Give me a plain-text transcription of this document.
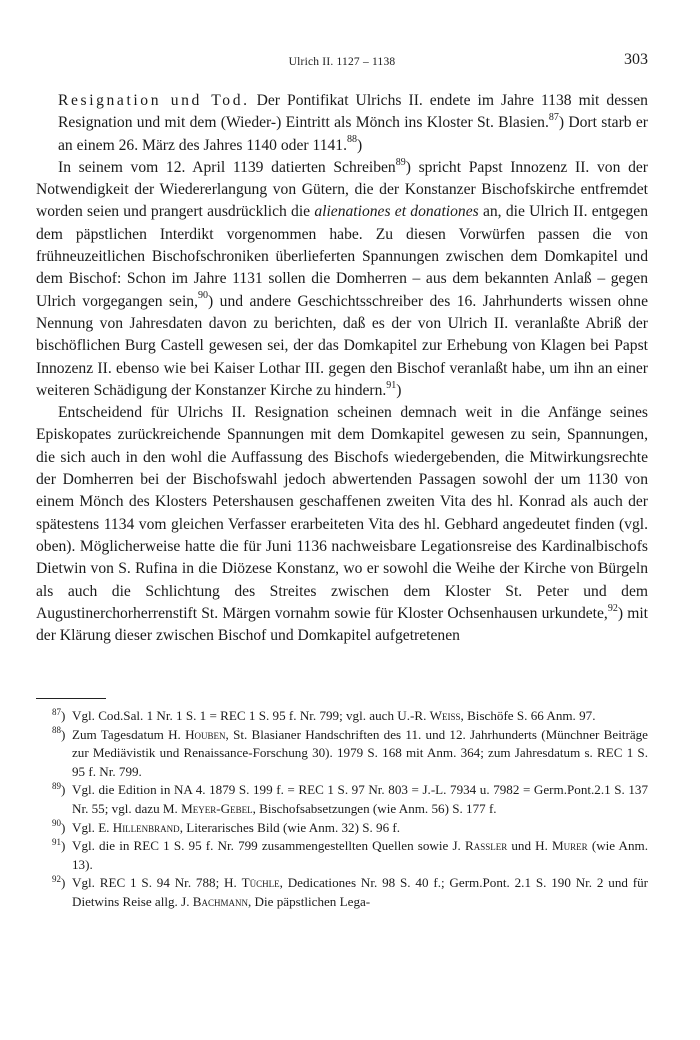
Ulrich II. 1127 – 1138	303

Resignation und Tod. Der Pontifikat Ulrichs II. endete im Jahre 1138 mit dessen Resignation und mit dem (Wieder-) Eintritt als Mönch ins Kloster St. Blasien.$^{87}$) Dort starb er an einem 26. März des Jahres 1140 oder 1141.88)

In seinem vom 12. April 1139 datierten Schreiben$^{89}$) spricht Papst Innozenz II. von der Notwendigkeit der Wiedererlangung von Gütern, die der Konstanzer Bischofskirche entfremdet worden seien und prangert ausdrücklich die alienationes et donationes an, die Ulrich II. entgegen dem päpstlichen Interdikt vorgenommen habe. Zu diesen Vorwürfen passen die von frühneuzeitlichen Bischofschroniken überlieferten Spannungen zwischen dem Domkapitel und dem Bischof: Schon im Jahre 1131 sollen die Domherren – aus dem bekannten Anlaß – gegen Ulrich vorgegangen sein,$^{90}$) und andere Geschichtsschreiber des 16. Jahrhunderts wissen ohne Nennung von Jahresdaten davon zu berichten, daß es der von Ulrich II. veranlaßte Abriß der bischöflichen Burg Castell gewesen sei, der das Domkapitel zur Erhebung von Klagen bei Papst Innozenz II. ebenso wie bei Kaiser Lothar III. gegen den Bischof veranlaßt habe, um ihn an einer weiteren Schädigung der Konstanzer Kirche zu hindern.$^{91}$)

Entscheidend für Ulrichs II. Resignation scheinen demnach weit in die Anfänge seines Episkopates zurückreichende Spannungen mit dem Domkapitel gewesen zu sein, Spannungen, die sich auch in den wohl die Auffassung des Bischofs wiedergebenden, die Mitwirkungsrechte der Domherren bei der Bischofswahl jedoch abwertenden Passagen sowohl der um 1130 von einem Mönch des Klosters Petershausen geschaffenen zweiten Vita des hl. Konrad als auch der spätestens 1134 vom gleichen Verfasser erarbeiteten Vita des hl. Gebhard angedeutet finden (vgl. oben). Möglicherweise hatte die für Juni 1136 nachweisbare Legationsreise des Kardinalbischofs Dietwin von S. Rufina in die Diözese Konstanz, wo er sowohl die Weihe der Kirche von Bürgeln als auch die Schlichtung des Streites zwischen dem Kloster St. Peter und dem Augustinerchorherrenstift St. Märgen vornahm sowie für Kloster Ochsenhausen urkundete,$^{92}$) mit der Klärung dieser zwischen Bischof und Domkapitel aufgetretenen

$^{87}$) Vgl. Cod.Sal. 1 Nr. 1 S. 1 = REC 1 S. 95 f. Nr. 799; vgl. auch U.-R. Weiss, Bischöfe S. 66 Anm. 97.
$^{88}$) Zum Tagesdatum H. Houben, St. Blasianer Handschriften des 11. und 12. Jahrhunderts (Münchner Beiträge zur Mediävistik und Renaissance-Forschung 30). 1979 S. 168 mit Anm. 364; zum Jahresdatum s. REC 1 S. 95 f. Nr. 799.
$^{89}$) Vgl. die Edition in NA 4. 1879 S. 199 f. = REC 1 S. 97 Nr. 803 = J.-L. 7934 u. 7982 = Germ.Pont.2.1 S. 137 Nr. 55; vgl. dazu M. Meyer-Gebel, Bischofsabsetzungen (wie Anm. 56) S. 177 f.
$^{90}$) Vgl. E. Hillenbrand, Literarisches Bild (wie Anm. 32) S. 96 f.
$^{91}$) Vgl. die in REC 1 S. 95 f. Nr. 799 zusammengestellten Quellen sowie J. Rassler und H. Murer (wie Anm. 13).
$^{92}$) Vgl. REC 1 S. 94 Nr. 788; H. Tüchle, Dedicationes Nr. 98 S. 40 f.; Germ.Pont. 2.1 S. 190 Nr. 2 und für Dietwins Reise allg. J. Bachmann, Die päpstlichen Lega-
